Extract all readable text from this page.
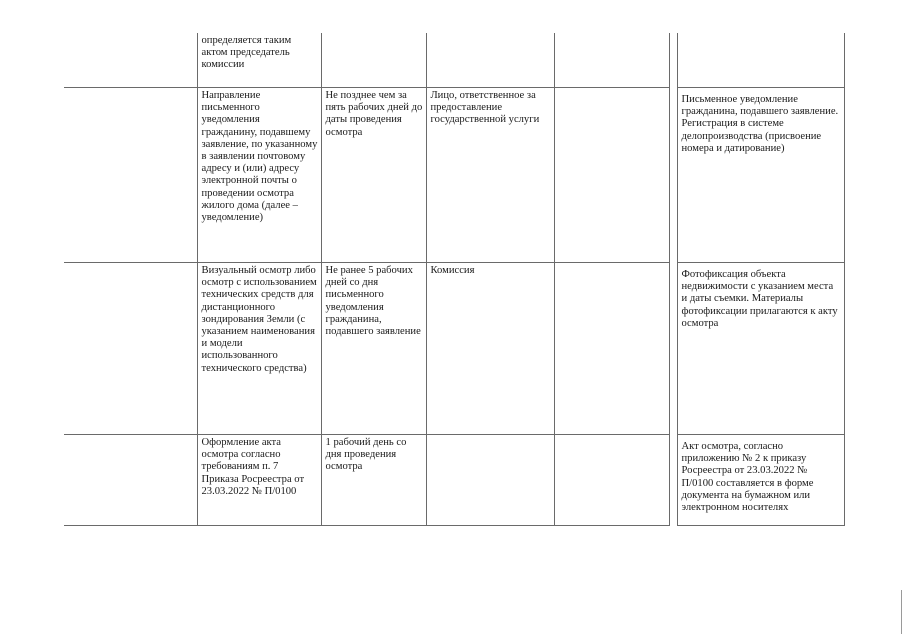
	определяется таким актом председатель комиссии					

	Направление письменного уведомления гражданину, подавшему заявление, по указанному в заявлении почтовому адресу и (или) адресу электронной почты о проведении осмотра жилого дома (далее – уведомление)	Не позднее чем за пять рабочих дней до даты проведения осмотра	Лицо, ответственное за предоставление государственной услуги			Письменное уведомление гражданина, подавшего заявление. Регистрация в системе делопроизводства (присвоение номера и датирование)

	Визуальный осмотр либо осмотр с использованием технических средств для дистанционного зондирования Земли (с указанием наименования и модели использованного технического средства)	Не ранее 5 рабочих дней со дня письменного уведомления гражданина, подавшего заявление	Комиссия			Фотофиксация объекта недвижимости с указанием места и даты съемки. Материалы фотофиксации прилагаются к акту осмотра

	Оформление акта осмотра согласно требованиям п. 7 Приказа Росреестра от 23.03.2022 № П/0100	1 рабочий день со дня проведения осмотра				Акт осмотра, согласно приложению № 2 к приказу Росреестра от 23.03.2022 № П/0100 составляется в форме документа на бумажном или электронном носителях
